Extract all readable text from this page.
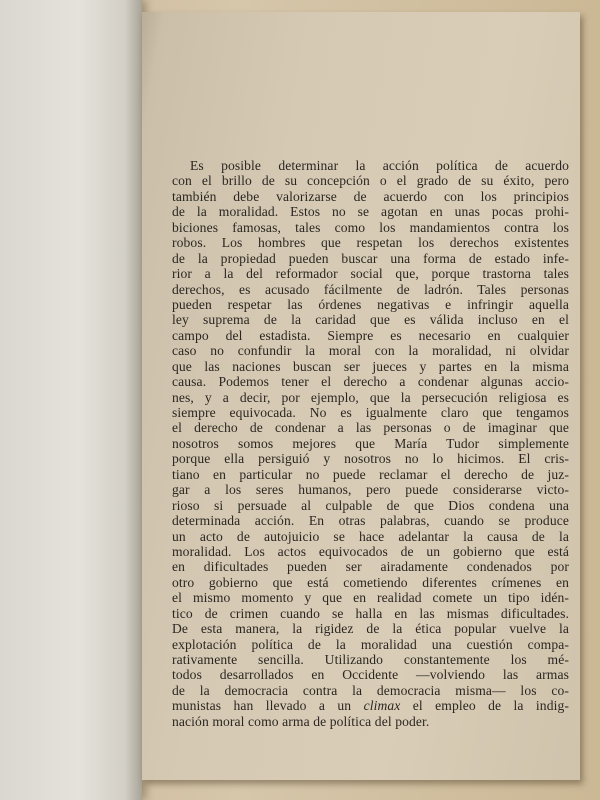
Es posible determinar la acción política de acuerdo
con el brillo de su concepción o el grado de su éxito, pero
también debe valorizarse de acuerdo con los principios
de la moralidad. Estos no se agotan en unas pocas prohi-
biciones famosas, tales como los mandamientos contra los
robos. Los hombres que respetan los derechos existentes
de la propiedad pueden buscar una forma de estado infe-
rior a la del reformador social que, porque trastorna tales
derechos, es acusado fácilmente de ladrón. Tales personas
pueden respetar las órdenes negativas e infringir aquella
ley suprema de la caridad que es válida incluso en el
campo del estadista. Siempre es necesario en cualquier
caso no confundir la moral con la moralidad, ni olvidar
que las naciones buscan ser jueces y partes en la misma
causa. Podemos tener el derecho a condenar algunas accio-
nes, y a decir, por ejemplo, que la persecución religiosa es
siempre equivocada. No es igualmente claro que tengamos
el derecho de condenar a las personas o de imaginar que
nosotros somos mejores que María Tudor simplemente
porque ella persiguió y nosotros no lo hicimos. El cris-
tiano en particular no puede reclamar el derecho de juz-
gar a los seres humanos, pero puede considerarse victo-
rioso si persuade al culpable de que Dios condena una
determinada acción. En otras palabras, cuando se produce
un acto de autojuicio se hace adelantar la causa de la
moralidad. Los actos equivocados de un gobierno que está
en dificultades pueden ser airadamente condenados por
otro gobierno que está cometiendo diferentes crímenes en
el mismo momento y que en realidad comete un tipo idén-
tico de crimen cuando se halla en las mismas dificultades.
De esta manera, la rigidez de la ética popular vuelve la
explotación política de la moralidad una cuestión compa-
rativamente sencilla. Utilizando constantemente los mé-
todos desarrollados en Occidente —volviendo las armas
de la democracia contra la democracia misma— los co-
munistas han llevado a un climax el empleo de la indig-
nación moral como arma de política del poder.
